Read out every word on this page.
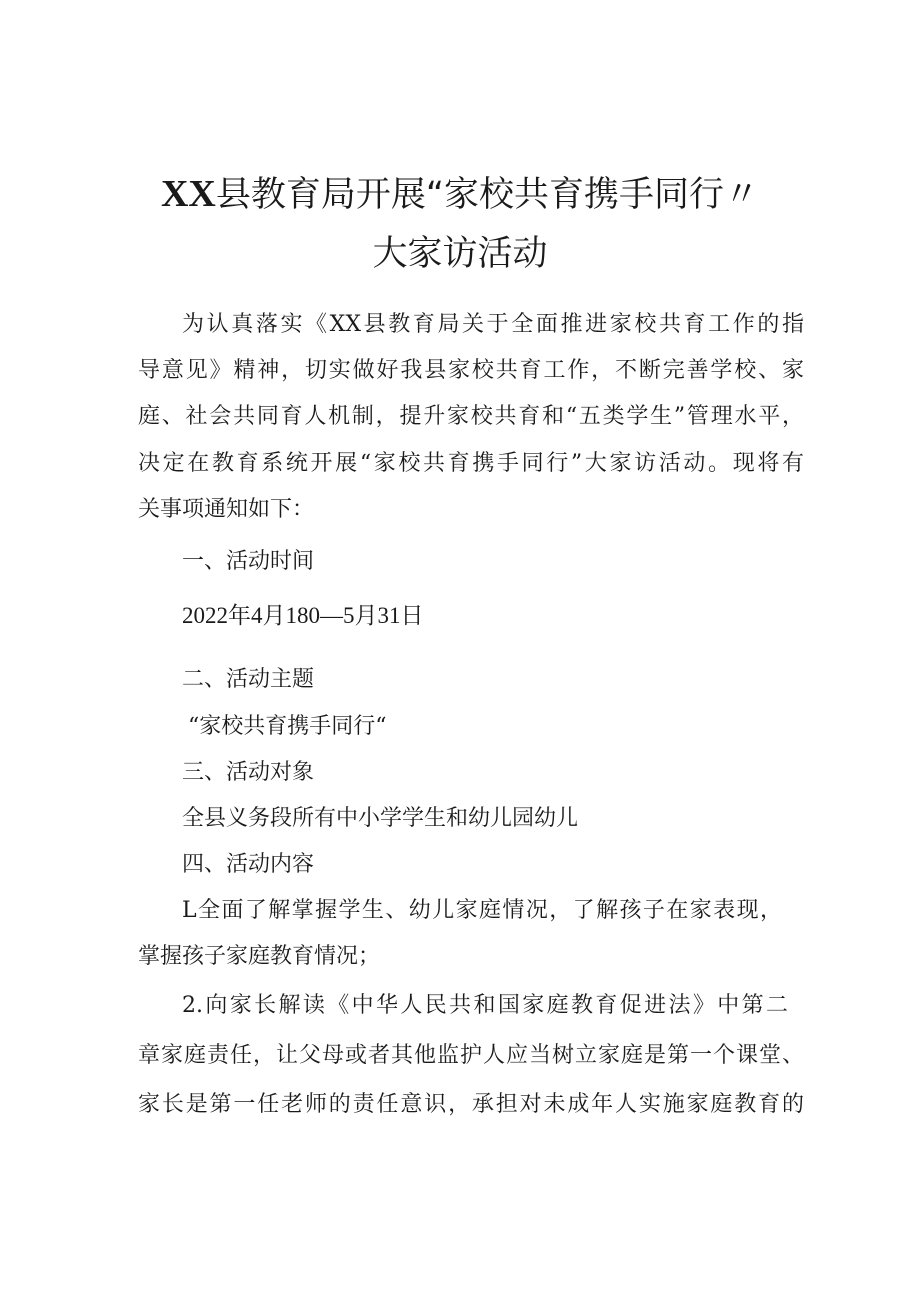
XX县教育局开展“家校共育携手同行〃
大家访活动

为认真落实《XX县教育局关于全面推进家校共育工作的指

导意见》精神，切实做好我县家校共育工作，不断完善学校、家

庭、社会共同育人机制，提升家校共育和“五类学生”管理水平，

决定在教育系统开展“家校共育携手同行”大家访活动。现将有

关事项通知如下：

一、活动时间

2022年4月180—5月31日

二、活动主题

“家校共育携手同行“

三、活动对象

全县义务段所有中小学学生和幼儿园幼儿

四、活动内容

L全面了解掌握学生、幼儿家庭情况，了解孩子在家表现，

掌握孩子家庭教育情况；

2.向家长解读《中华人民共和国家庭教育促进法》中第二

章家庭责任，让父母或者其他监护人应当树立家庭是第一个课堂、

家长是第一任老师的责任意识，承担对未成年人实施家庭教育的
